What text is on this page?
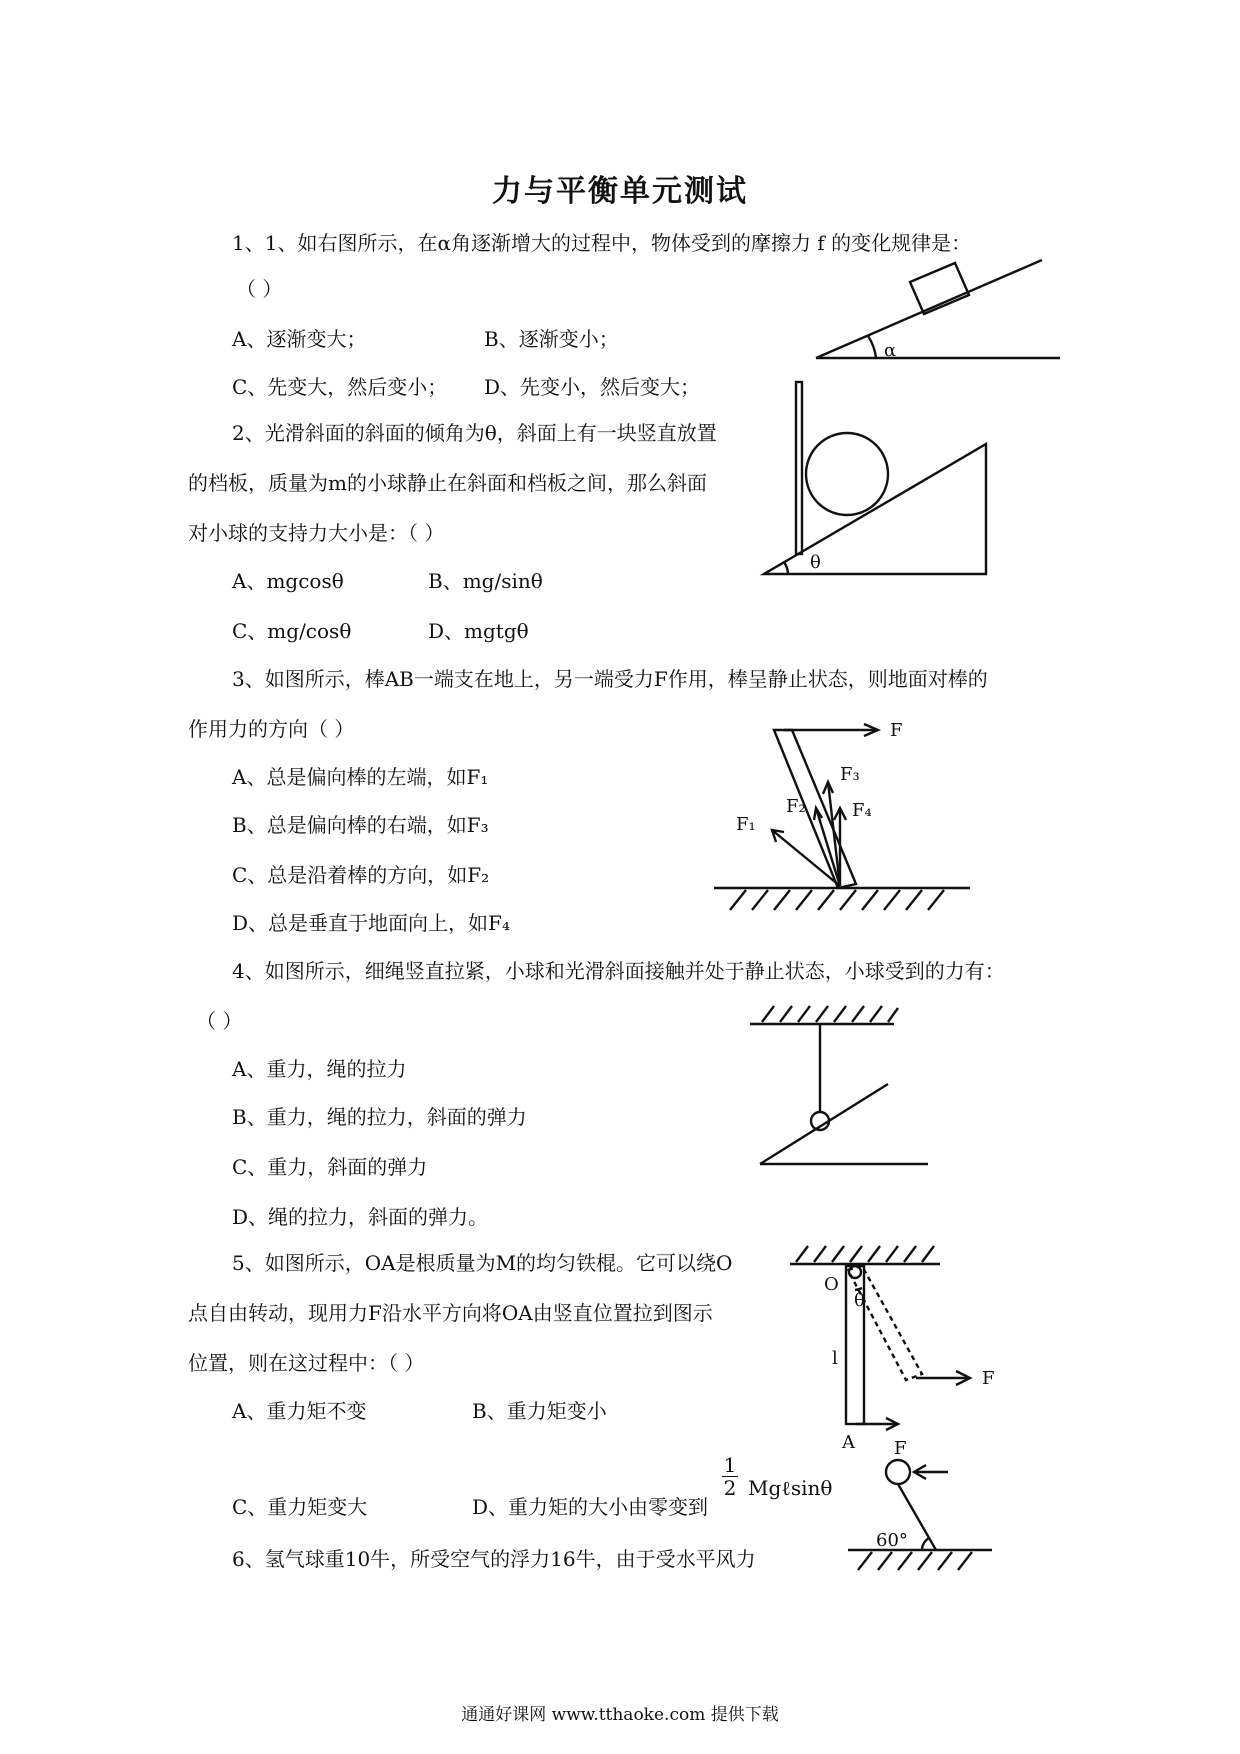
力与平衡单元测试
1、1、如右图所示，在α角逐渐增大的过程中，物体受到的摩擦力 f 的变化规律是：
（ ）
A、逐渐变大；	B、逐渐变小；
C、先变大，然后变小； D、先变小，然后变大；
α
2、光滑斜面的斜面的倾角为θ，斜面上有一块竖直放置
的档板，质量为m的小球静止在斜面和档板之间，那么斜面
对小球的支持力大小是：（ ）
A、mgcosθ	B、mg/sinθ
C、mg/cosθ	D、mgtgθ
θ
3、如图所示，棒AB一端支在地上，另一端受力F作用，棒呈静止状态，则地面对棒的
作用力的方向（ ）
A、总是偏向棒的左端，如F₁
B、总是偏向棒的右端，如F₃
C、总是沿着棒的方向，如F₂
D、总是垂直于地面向上，如F₄
F
F₁
F₂
F₃
F₄
4、如图所示，细绳竖直拉紧，小球和光滑斜面接触并处于静止状态，小球受到的力有：
（ ）
A、重力，绳的拉力
B、重力，绳的拉力，斜面的弹力
C、重力，斜面的弹力
D、绳的拉力，斜面的弹力。
5、如图所示，OA是根质量为M的均匀铁棍。它可以绕O
点自由转动，现用力F沿水平方向将OA由竖直位置拉到图示
位置，则在这过程中：（ ）
A、重力矩不变	B、重力矩变小
C、重力矩变大	D、重力矩的大小由零变到
$\frac{1}{2}$ Mgℓsinθ
θ
O
l
F
A F
6、氢气球重10牛，所受空气的浮力16牛，由于受水平风力
60°
通通好课网 www.tthaoke.com 提供下载
